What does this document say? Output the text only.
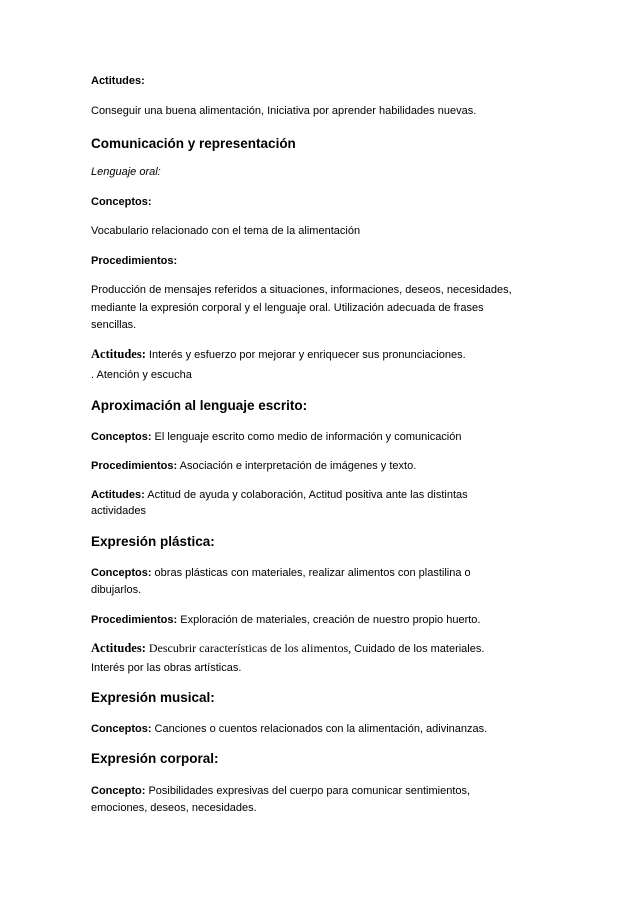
Actitudes:
Conseguir una buena alimentación, Iniciativa por aprender habilidades nuevas.
Comunicación y representación
Lenguaje oral:
Conceptos:
Vocabulario relacionado con el tema de la alimentación
Procedimientos:
Producción de mensajes referidos a situaciones, informaciones, deseos, necesidades,
mediante la expresión corporal y el lenguaje oral. Utilización adecuada de frases
sencillas.
Actitudes: Interés y esfuerzo por mejorar y enriquecer sus pronunciaciones.
. Atención y escucha
Aproximación al lenguaje escrito:
Conceptos: El lenguaje escrito como medio de información y comunicación
Procedimientos: Asociación e interpretación de imágenes y texto.
Actitudes: Actitud de ayuda y colaboración, Actitud positiva ante las distintas
actividades
Expresión plástica:
Conceptos: obras plásticas con materiales, realizar alimentos con plastilina o
dibujarlos.
Procedimientos: Exploración de materiales, creación de nuestro propio huerto.
Actitudes: Descubrir características de los alimentos, Cuidado de los materiales.
Interés por las obras artísticas.
Expresión musical:
Conceptos: Canciones o cuentos relacionados con la alimentación, adivinanzas.
Expresión corporal:
Concepto: Posibilidades expresivas del cuerpo para comunicar sentimientos,
emociones, deseos, necesidades.
